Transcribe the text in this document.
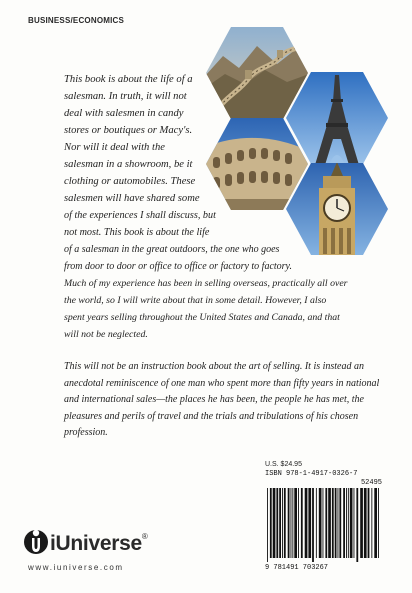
BUSINESS/ECONOMICS
This book is about the life of a
salesman. In truth, it will not
deal with salesmen in candy
stores or boutiques or Macy's.
Nor will it deal with the
salesman in a showroom, be it
clothing or automobiles. These
salesmen will have shared some
of the experiences I shall discuss, but
not most. This book is about the life
of a salesman in the great outdoors, the one who goes
from door to door or office to office or factory to factory.
Much of my experience has been in selling overseas, practically all over
the world, so I will write about that in some detail. However, I also
spent years selling throughout the United States and Canada, and that
will not be neglected.
This will not be an instruction book about the art of selling. It is instead an anecdotal reminiscence of one man who spent more than fifty years in national and international sales—the places he has been, the people he has met, the pleasures and perils of travel and the trials and tribulations of his chosen profession.
U.S. $24.95
ISBN 978-1-4917-0326-7
52495
9 781491 703267
iUniverse®
www.iuniverse.com
